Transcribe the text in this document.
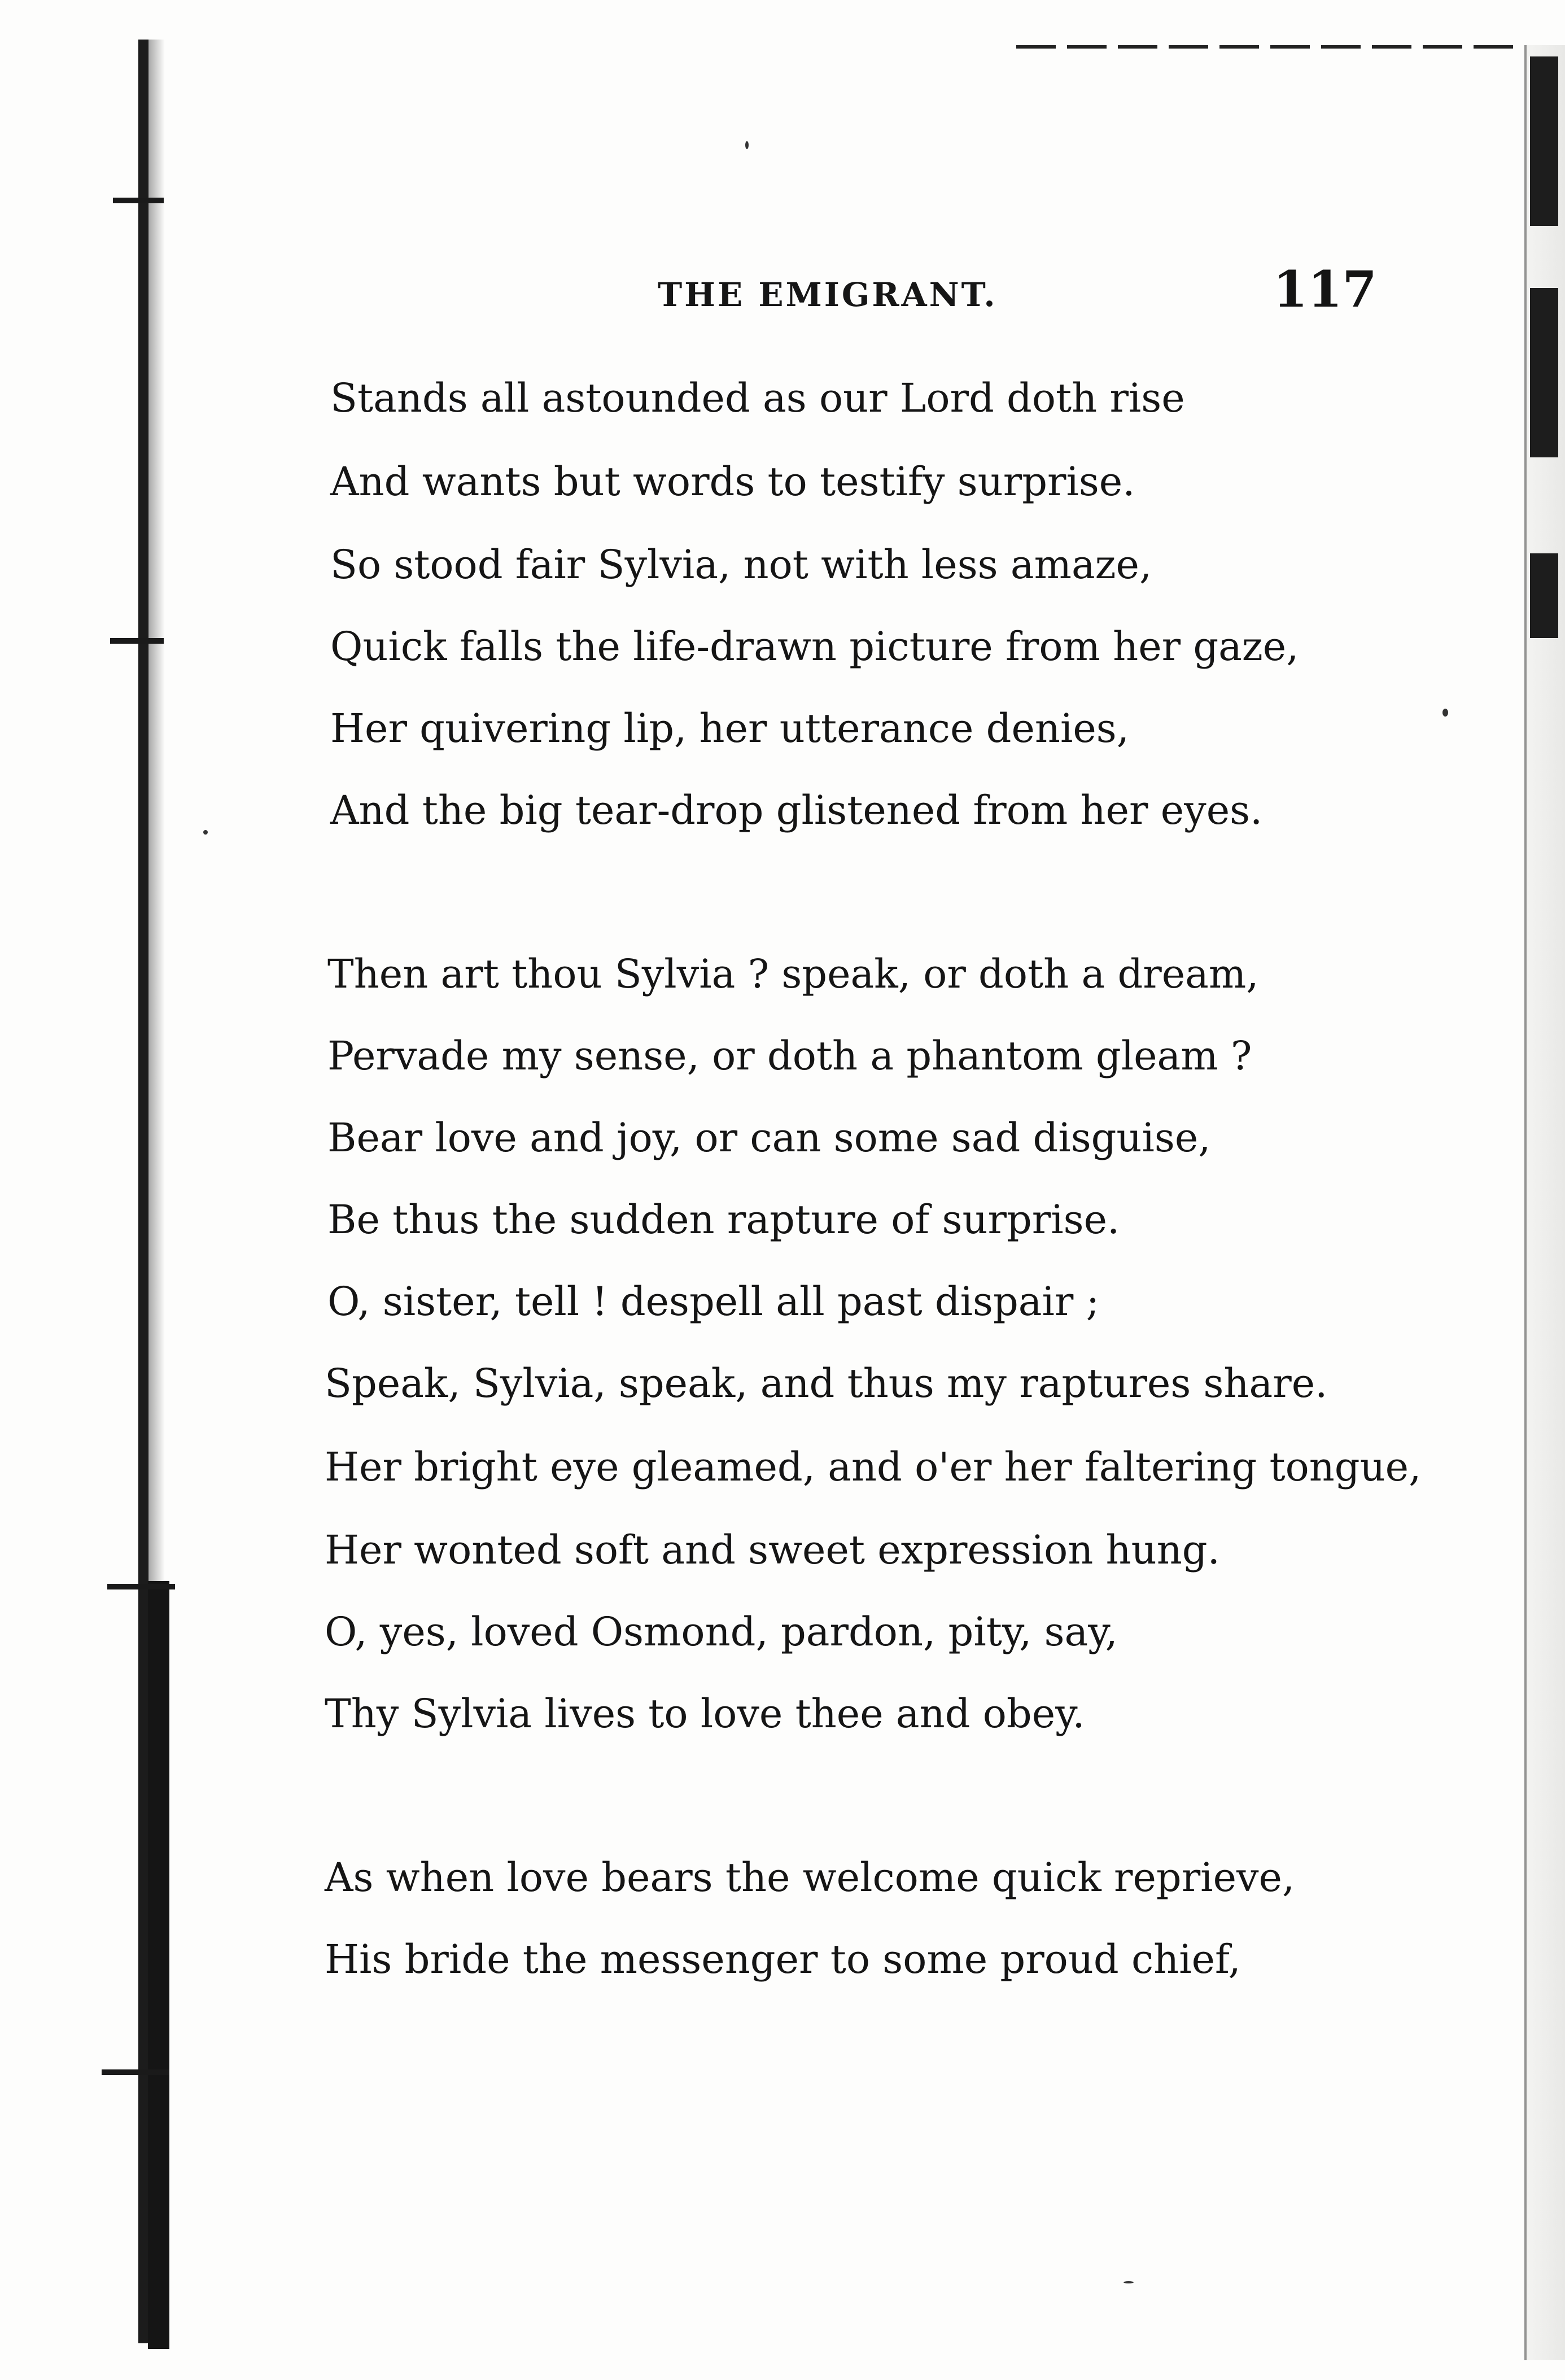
THE EMIGRANT.	117
Stands all astounded as our Lord doth rise
And wants but words to testify surprise.
So stood fair Sylvia, not with less amaze,
Quick falls the life-drawn picture from her gaze,
Her quivering lip, her utterance denies,
And the big tear-drop glistened from her eyes.
Then art thou Sylvia ? speak, or doth a dream,
Pervade my sense, or doth a phantom gleam ?
Bear love and joy, or can some sad disguise,
Be thus the sudden rapture of surprise.
O, sister, tell ! despell all past dispair ;
Speak, Sylvia, speak, and thus my raptures share.
Her bright eye gleamed, and o'er her faltering tongue,
Her wonted soft and sweet expression hung.
O, yes, loved Osmond, pardon, pity, say,
Thy Sylvia lives to love thee and obey.
As when love bears the welcome quick reprieve,
His bride the messenger to some proud chief,
